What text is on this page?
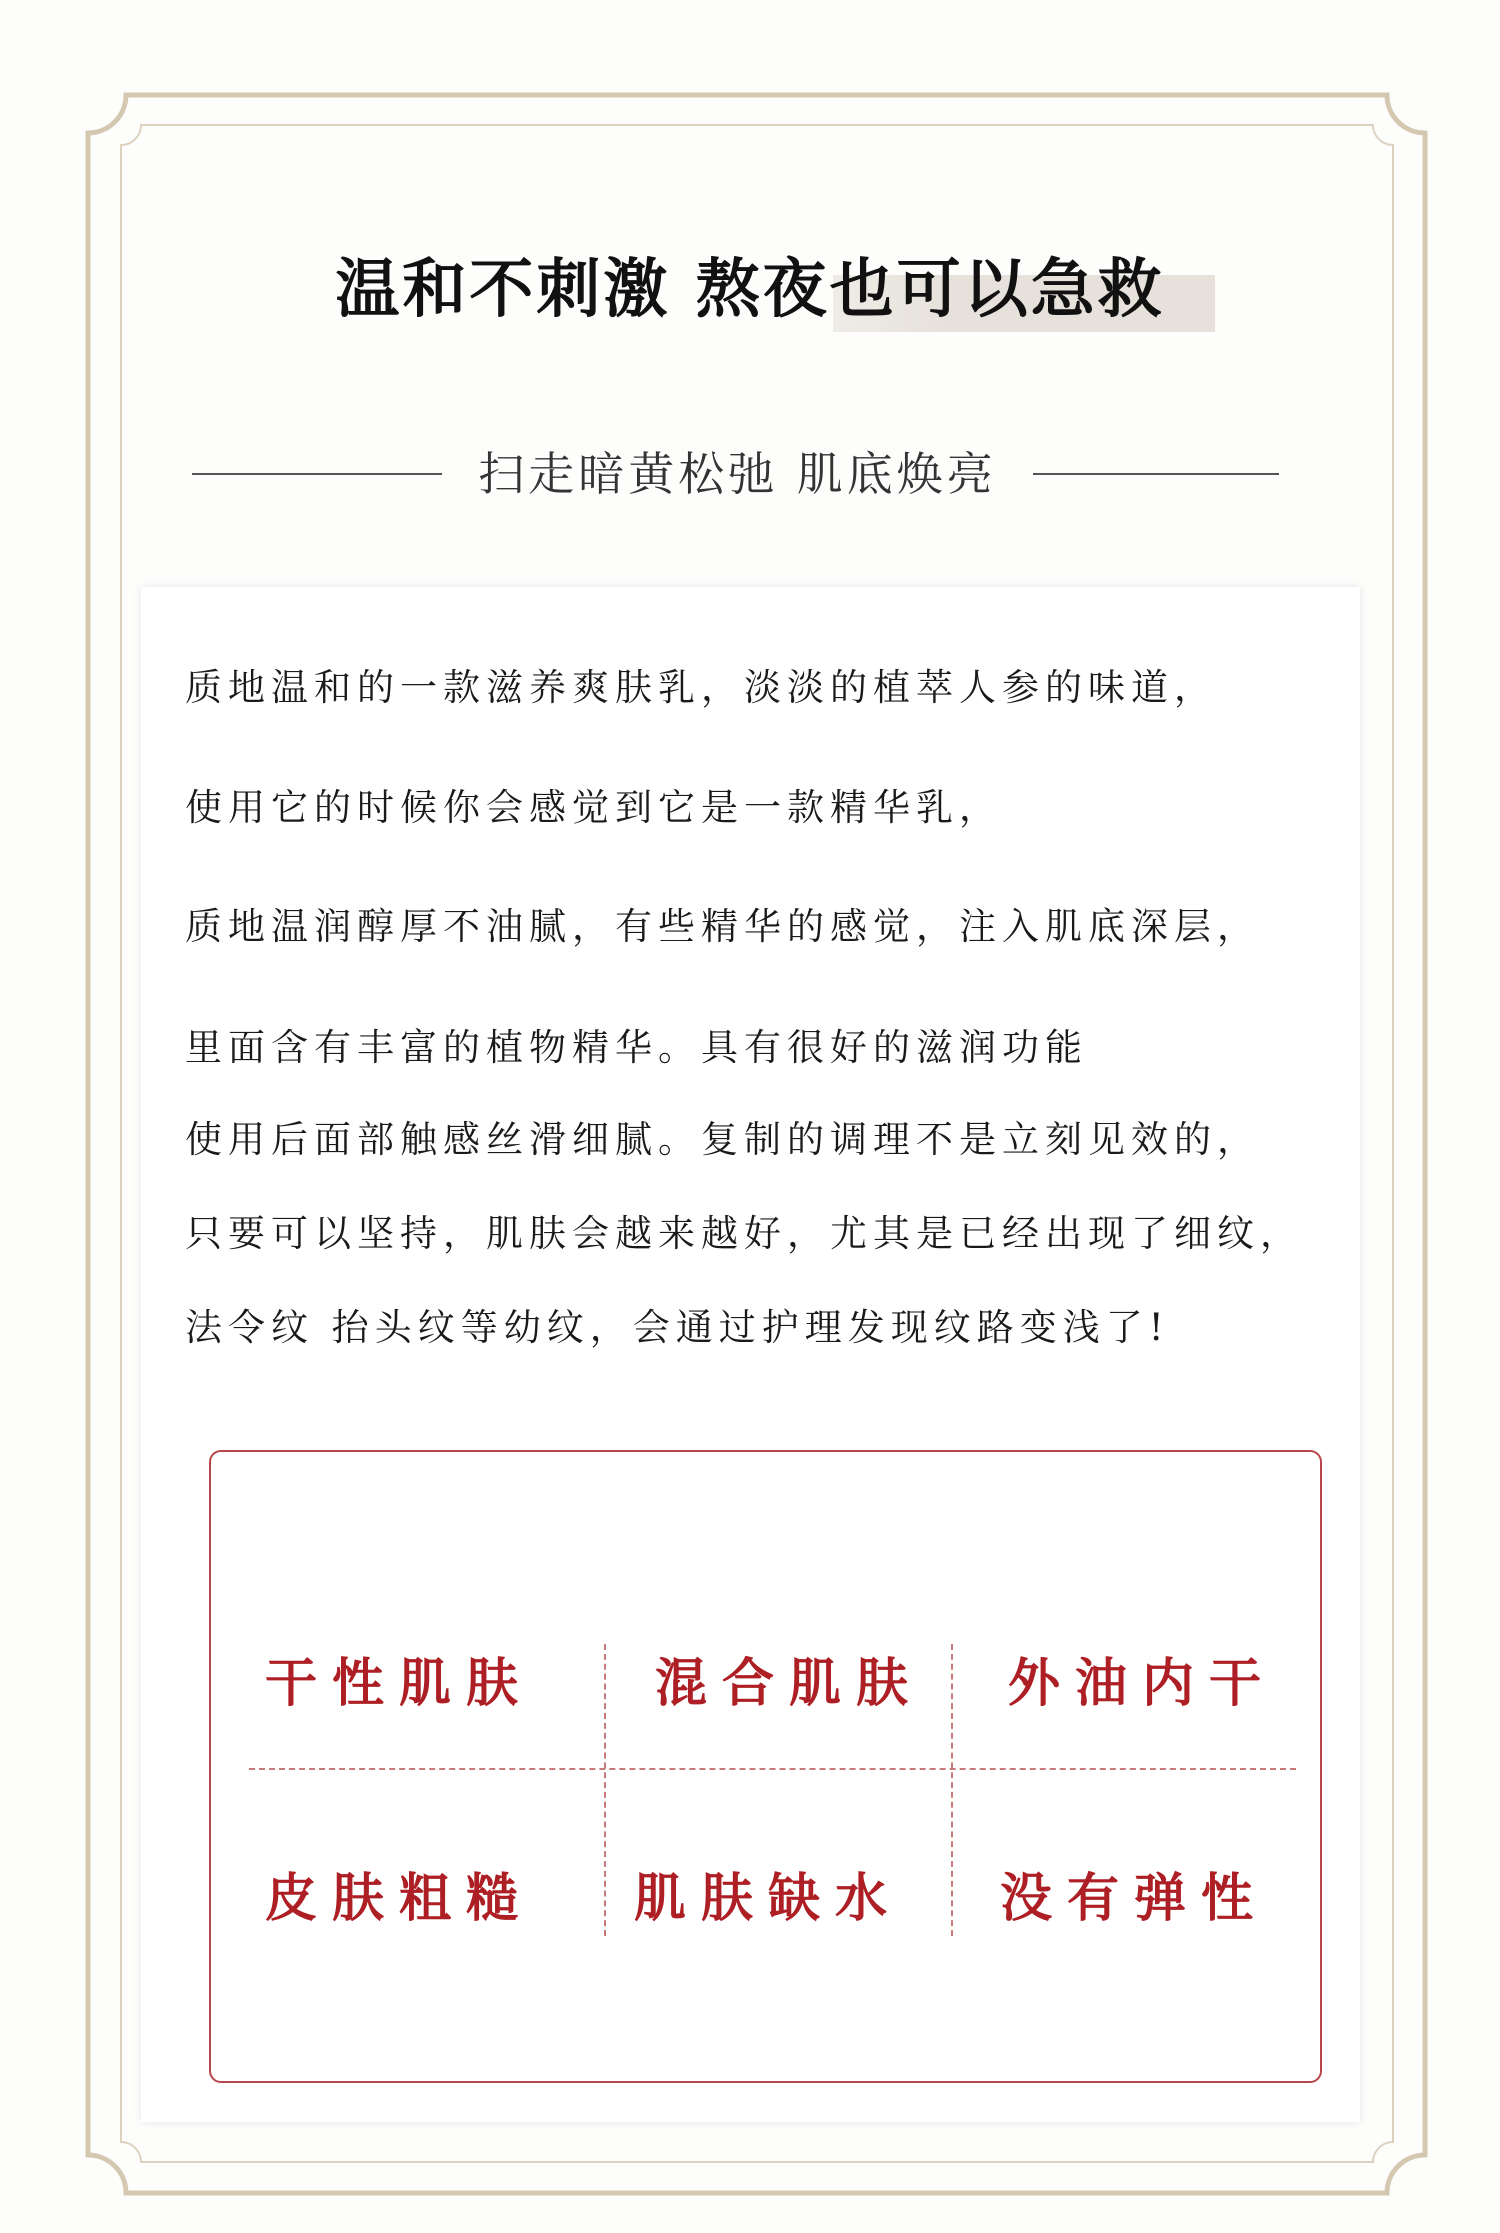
温和不刺激 熬夜也可以急救
扫走暗黄松弛 肌底焕亮
质地温和的一款滋养爽肤乳，淡淡的植萃人参的味道，
使用它的时候你会感觉到它是一款精华乳，
质地温润醇厚不油腻，有些精华的感觉，注入肌底深层，
里面含有丰富的植物精华。具有很好的滋润功能
使用后面部触感丝滑细腻。复制的调理不是立刻见效的，
只要可以坚持，肌肤会越来越好，尤其是已经出现了细纹，
法令纹 抬头纹等幼纹，会通过护理发现纹路变浅了!
干性肌肤 混合肌肤 外油内干
皮肤粗糙 肌肤缺水 没有弹性
